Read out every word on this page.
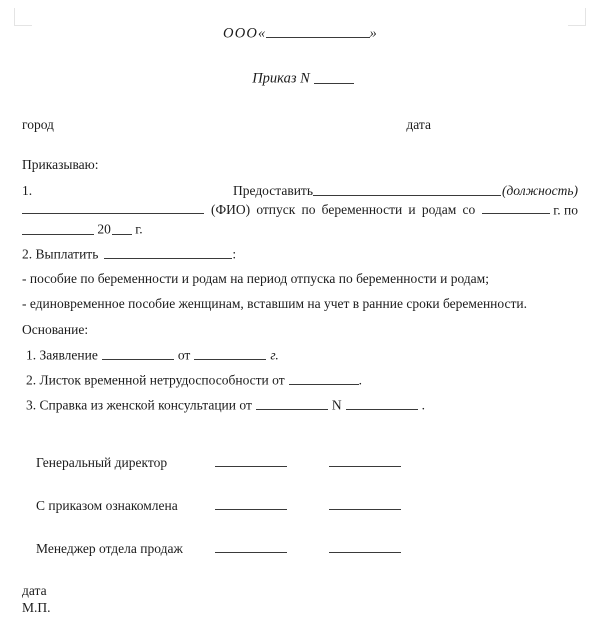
ООО«	»
Приказ N
город	дата
Приказываю:
1.	Предоставить	(должность)
(ФИО) отпуск по беременности и родам со	г. по
20 г.
2. Выплатить	:
- пособие по беременности и родам на период отпуска по беременности и родам;
- единовременное пособие женщинам, вставшим на учет в ранние сроки беременности.
Основание:
1. Заявление	от	г.
2. Листок временной нетрудоспособности от	.
3. Справка из женской консультации от	N	.
Генеральный директор
С приказом ознакомлена
Менеджер отдела продаж
дата
М.П.
